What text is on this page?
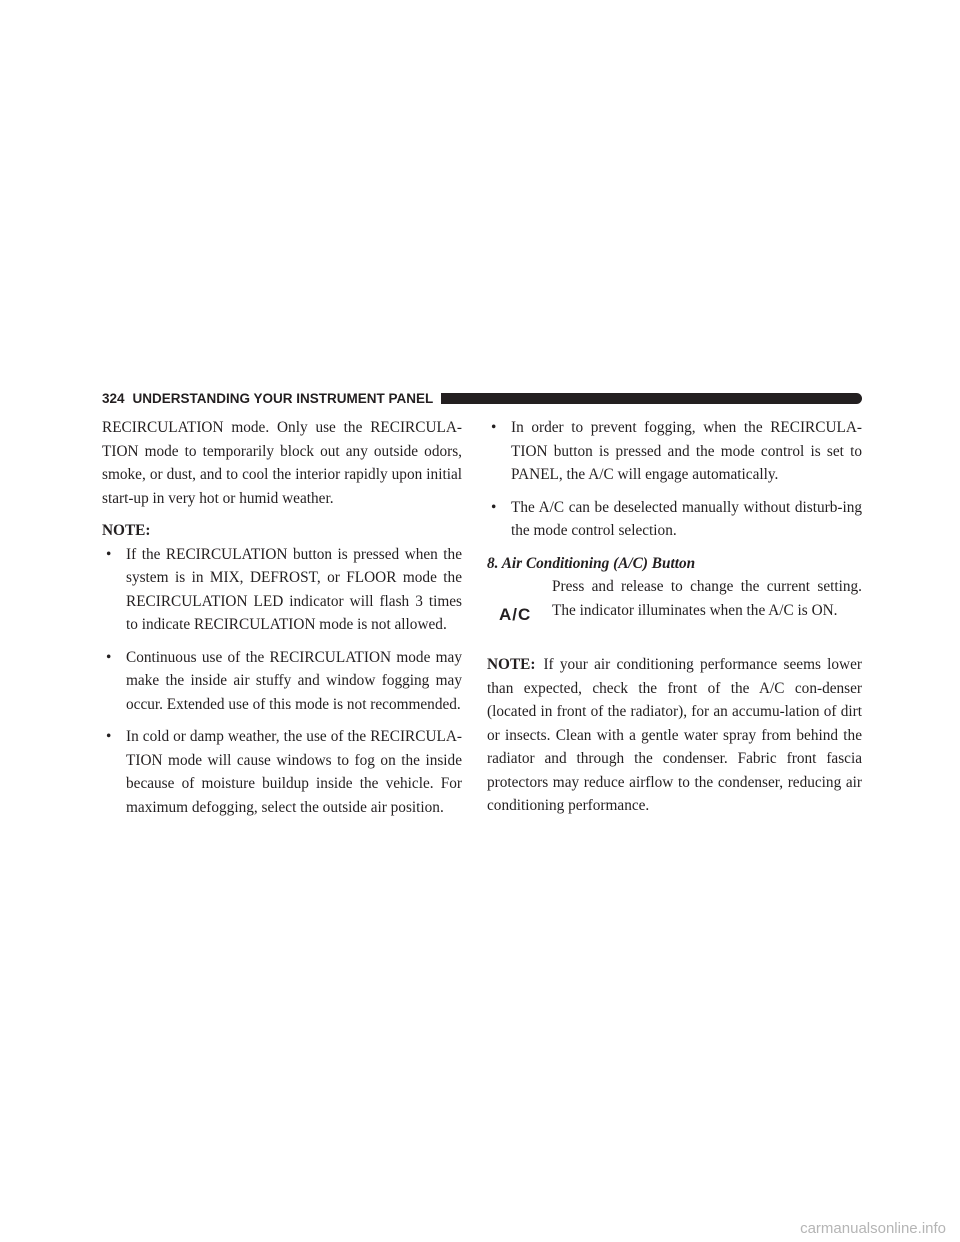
324 UNDERSTANDING YOUR INSTRUMENT PANEL

RECIRCULATION mode. Only use the RECIRCULA-TION mode to temporarily block out any outside odors, smoke, or dust, and to cool the interior rapidly upon initial start-up in very hot or humid weather.

NOTE:
• If the RECIRCULATION button is pressed when the system is in MIX, DEFROST, or FLOOR mode the RECIRCULATION LED indicator will flash 3 times to indicate RECIRCULATION mode is not allowed.
• Continuous use of the RECIRCULATION mode may make the inside air stuffy and window fogging may occur. Extended use of this mode is not recommended.
• In cold or damp weather, the use of the RECIRCULA-TION mode will cause windows to fog on the inside because of moisture buildup inside the vehicle. For maximum defogging, select the outside air position.
• In order to prevent fogging, when the RECIRCULA-TION button is pressed and the mode control is set to PANEL, the A/C will engage automatically.
• The A/C can be deselected manually without disturb-ing the mode control selection.
8. Air Conditioning (A/C) Button
A/C

Press and release to change the current setting. The indicator illuminates when the A/C is ON.

NOTE: If your air conditioning performance seems lower than expected, check the front of the A/C con-denser (located in front of the radiator), for an accumu-lation of dirt or insects. Clean with a gentle water spray from behind the radiator and through the condenser. Fabric front fascia protectors may reduce airflow to the condenser, reducing air conditioning performance.

carmanualsonline.info
